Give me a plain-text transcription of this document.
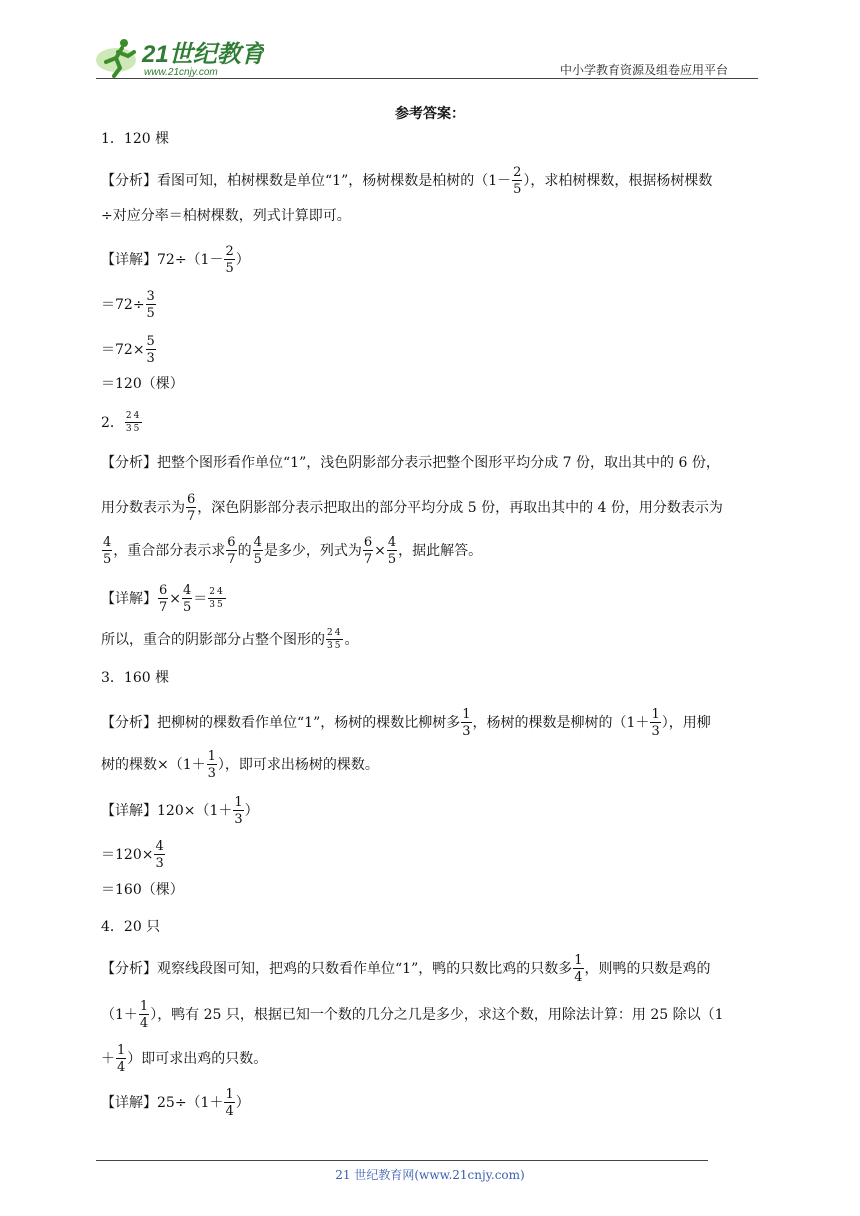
21世纪教育
www.21cnjy.com	中小学教育资源及组卷应用平台
参考答案：
1．120 棵
【分析】看图可知，柏树棵数是单位“1”，杨树棵数是柏树的（$1- \frac{2}{5}$ ），求柏树棵数，根据杨树棵数
÷对应分率＝柏树棵数，列式计算即可。
【详解】$72\div(1- \frac{2}{5}$ ）
$=72\div \frac{3}{5}$
$=72\times \frac{5}{3}$
＝120（棵）
2． $\frac{24}{35}$
【分析】把整个图形看作单位“1”，浅色阴影部分表示把整个图形平均分成 7 份，取出其中的 6 份，
用分数表示为 $\frac{6}{7}$ ，深色阴影部分表示把取出的部分平均分成 5 份，再取出其中的 4 份，用分数表示为
$\frac{4}{5}$ ，重合部分表示求 $\frac{6}{7}$ 的 $\frac{4}{5}$ 是多少，列式为 $\frac{6}{7} \times \frac{4}{5}$ ，据此解答。
【详解】 $\frac{6}{7} \times \frac{4}{5} = \frac{24}{35}$
所以，重合的阴影部分占整个图形的 $\frac{24}{35}$ 。
3．160 棵
【分析】把柳树的棵数看作单位“1”，杨树的棵数比柳树多 $\frac{1}{3}$ ，杨树的棵数是柳树的（$1+ \frac{1}{3}$ ），用柳
树的棵数$\times(1+ \frac{1}{3}$ ），即可求出杨树的棵数。
【详解】$120\times(1+ \frac{1}{3}$ ）
$=120\times \frac{4}{3}$
＝160（棵）
4．20 只
【分析】观察线段图可知，把鸡的只数看作单位“1”，鸭的只数比鸡的只数多 $\frac{1}{4}$ ，则鸭的只数是鸡的
（$1+ \frac{1}{4}$ ），鸭有 25 只，根据已知一个数的几分之几是多少，求这个数，用除法计算：用 25 除以（1
＋ $\frac{1}{4}$ ）即可求出鸡的只数。
【详解】$25\div(1+ \frac{1}{4}$ ）
21 世纪教育网(www.21cnjy.com)
